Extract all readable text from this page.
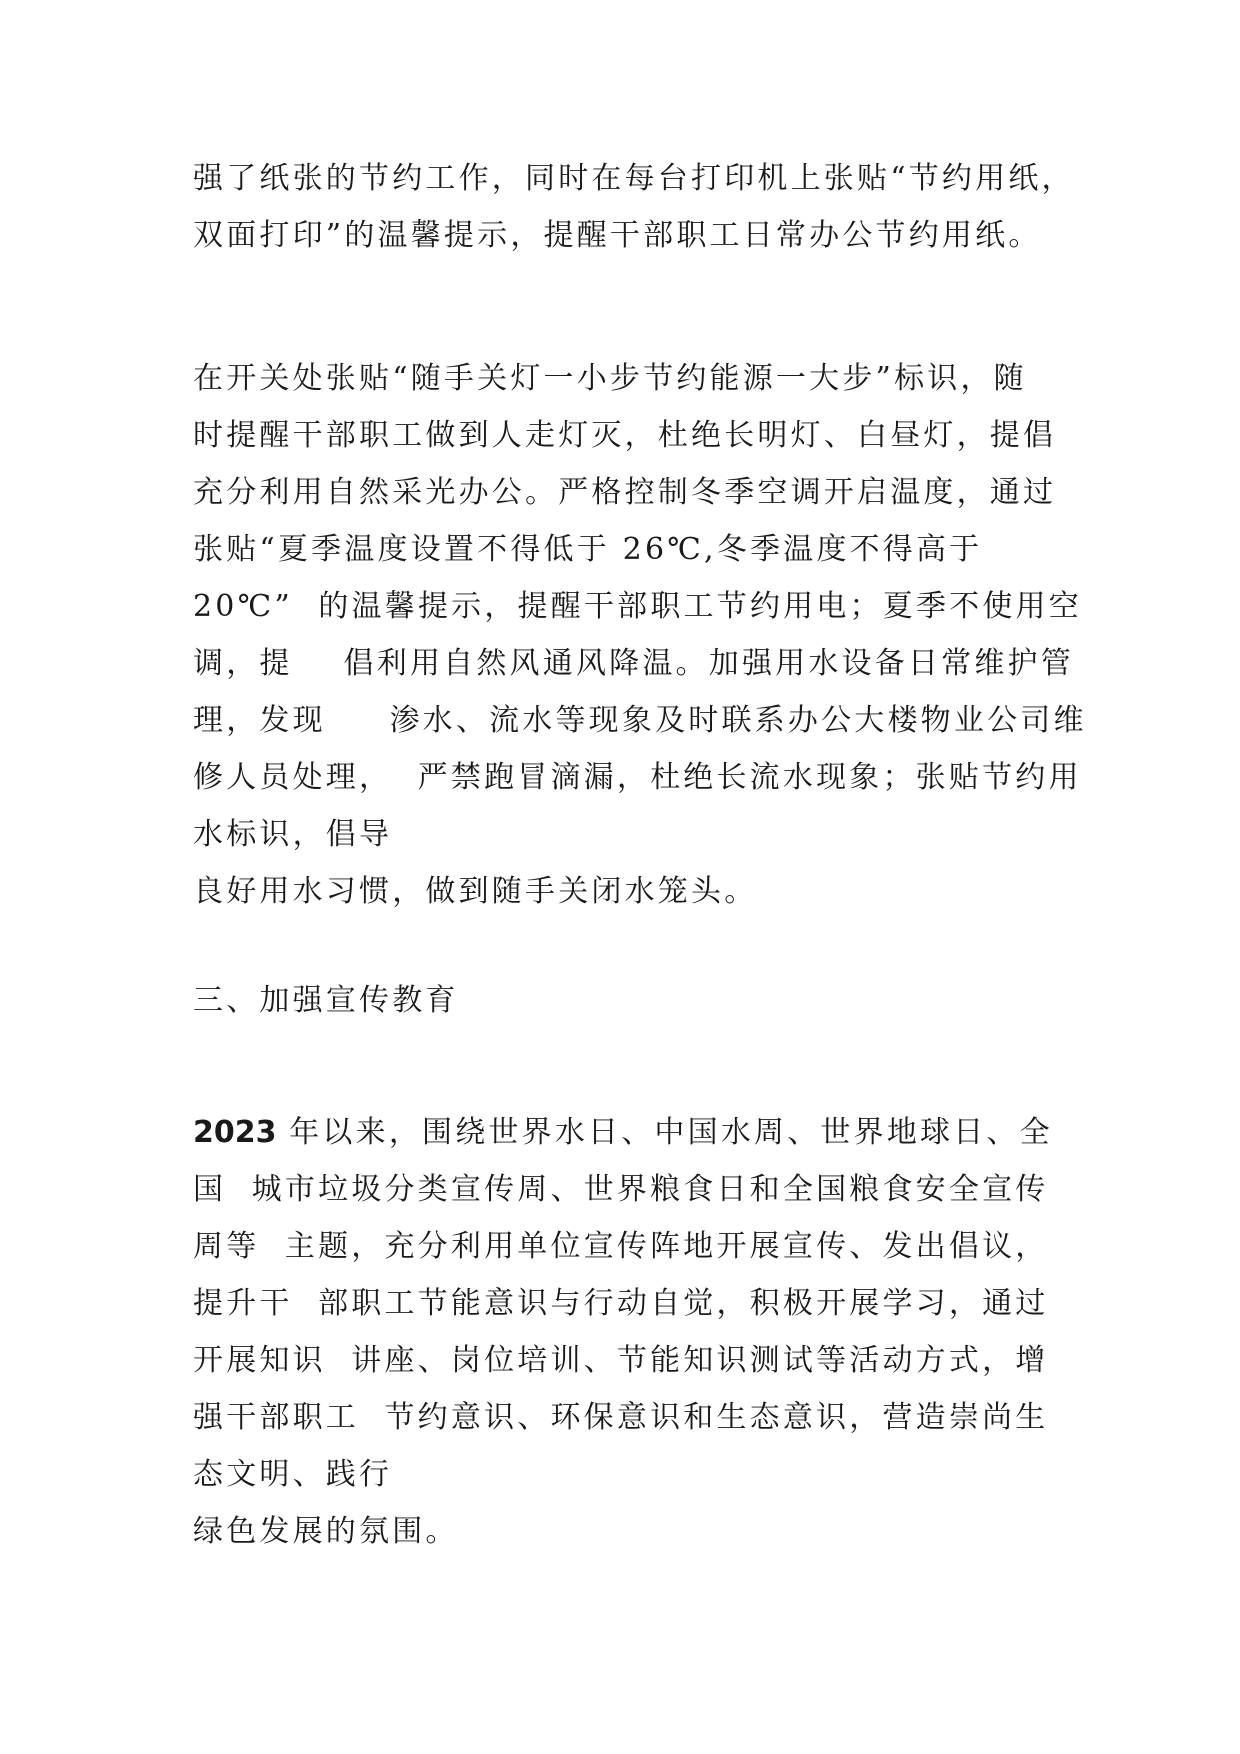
强了纸张的节约工作，同时在每台打印机上张贴“节约用纸，
双面打印”的温馨提示，提醒干部职工日常办公节约用纸。
在开关处张贴“随手关灯一小步节约能源一大步”标识，随
时提醒干部职工做到人走灯灭，杜绝长明灯、白昼灯，提倡
充分利用自然采光办公。严格控制冬季空调开启温度，通过
张贴“夏季温度设置不得低于 26℃,冬季温度不得高于
20℃”  的温馨提示，提醒干部职工节约用电；夏季不使用空
调，提    倡利用自然风通风降温。加强用水设备日常维护管
理，发现     渗水、流水等现象及时联系办公大楼物业公司维
修人员处理，  严禁跑冒滴漏，杜绝长流水现象；张贴节约用
水标识，倡导
良好用水习惯，做到随手关闭水笼头。
三、加强宣传教育
2023 年以来，围绕世界水日、中国水周、世界地球日、全
国  城市垃圾分类宣传周、世界粮食日和全国粮食安全宣传
周等  主题，充分利用单位宣传阵地开展宣传、发出倡议，
提升干  部职工节能意识与行动自觉，积极开展学习，通过
开展知识  讲座、岗位培训、节能知识测试等活动方式，增
强干部职工  节约意识、环保意识和生态意识，营造崇尚生
态文明、践行
绿色发展的氛围。
